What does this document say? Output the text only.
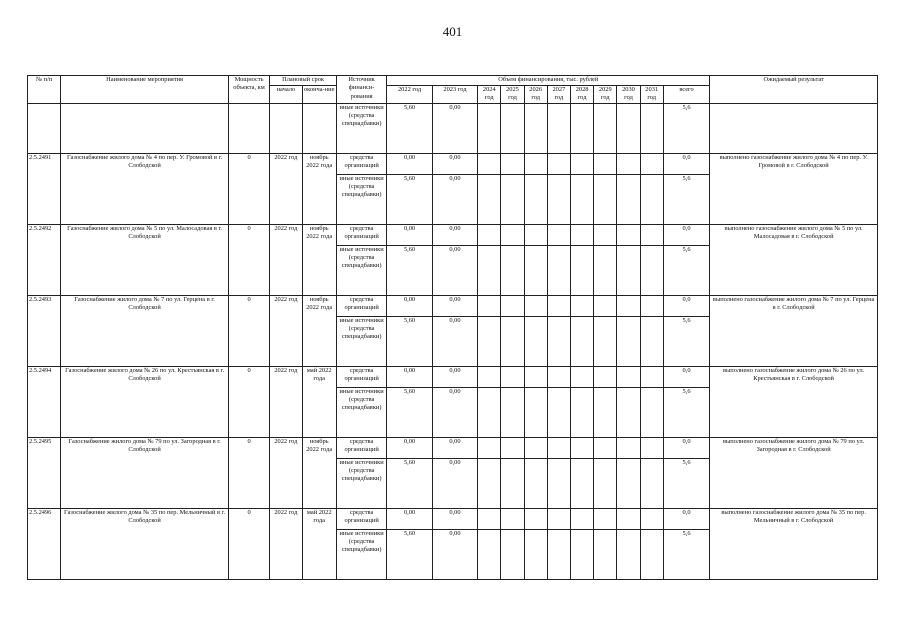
401
№ п/п	Наименование мероприятия	Мощность объекта, км	Плановый срок		Источник финанси-рования	Объем финансирования, тыс. рублей											Ожидаемый результат
			начало	оконча-ние		2022 год	2023 год	2024 год	2025 год	2026 год	2027 год	2028 год	2029 год	2030 год	2031 год	всего	

					иные источники (средства спецнадбавки)	5,60	0,00									5,6	
2.5.2491	Газоснабжение жилого дома № 4 по пер. У. Громовой в г. Слободской	0	2022 год	ноябрь 2022 года	средства организаций	0,00	0,00									0,0	выполнено газоснабжение жилого дома № 4 по пер. У. Громовой в г. Слободской
					иные источники (средства спецнадбавки)	5,60	0,00									5,6	
2.5.2492	Газоснабжение жилого дома № 5 по ул. Малосадовая в г. Слободской	0	2022 год	ноябрь 2022 года	средства организаций	0,00	0,00									0,0	выполнено газоснабжение жилого дома № 5 по ул. Малосадовая в г. Слободской
					иные источники (средства спецнадбавки)	5,60	0,00									5,6	
2.5.2493	Газоснабжение жилого дома № 7 по ул. Герцена в г. Слободской	0	2022 год	ноябрь 2022 года	средства организаций	0,00	0,00									0,0	выполнено газоснабжение жилого дома № 7 по ул. Герцена в г. Слободской
					иные источники (средства спецнадбавки)	5,60	0,00									5,6	
2.5.2494	Газоснабжение жилого дома № 26 по ул. Крестьянская в г. Слободской	0	2022 год	май 2022 года	средства организаций	0,00	0,00									0,0	выполнено газоснабжение жилого дома № 26 по ул. Крестьянская в г. Слободской
					иные источники (средства спецнадбавки)	5,60	0,00									5,6	
2.5.2495	Газоснабжение жилого дома № 79 по ул. Загородная в г. Слободской	0	2022 год	ноябрь 2022 года	средства организаций	0,00	0,00									0,0	выполнено газоснабжение жилого дома № 79 по ул. Загородная в г. Слободской
					иные источники (средства спецнадбавки)	5,60	0,00									5,6	
2.5.2496	Газоснабжение жилого дома № 35 по пер. Мельничный в г. Слободской	0	2022 год	май 2022 года	средства организаций	0,00	0,00									0,0	выполнено газоснабжение жилого дома № 35 по пер. Мельничный в г. Слободской
					иные источники (средства спецнадбавки)	5,60	0,00									5,6	
